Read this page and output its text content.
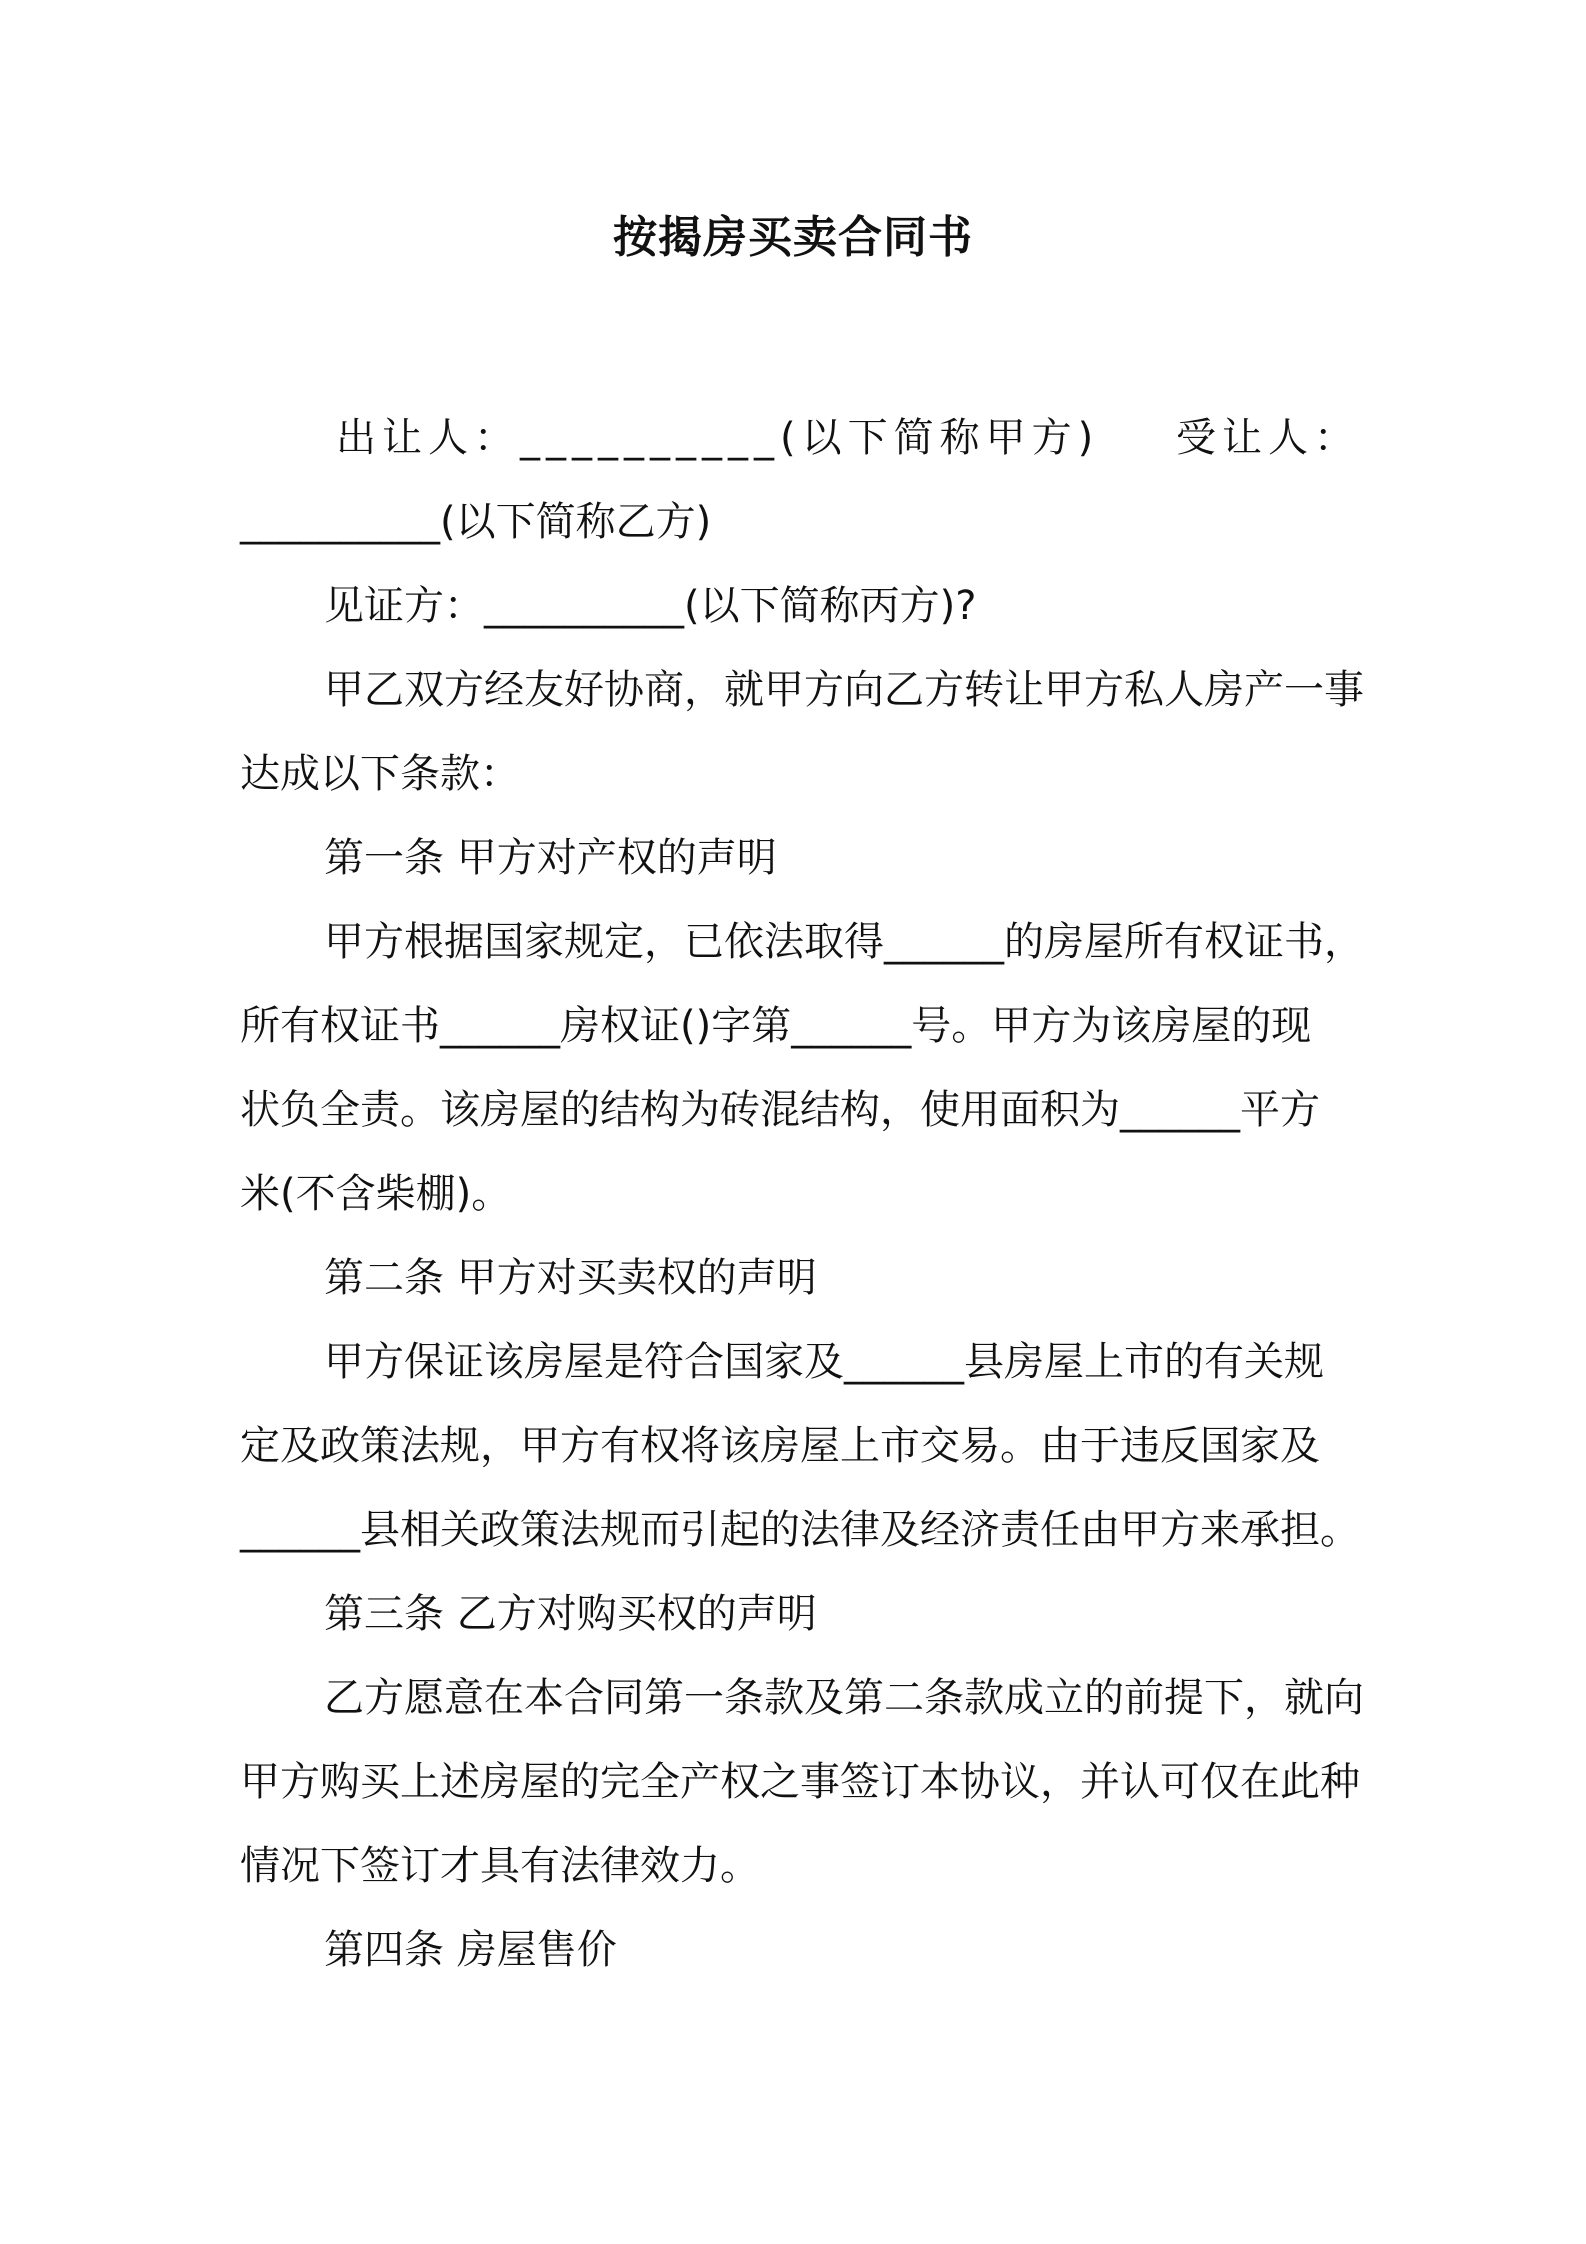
按揭房买卖合同书
出让人：__________(以下简称甲方) 受让人：
__________(以下简称乙方)
见证方：__________(以下简称丙方)?
甲乙双方经友好协商，就甲方向乙方转让甲方私人房产一事
达成以下条款：
第一条 甲方对产权的声明
甲方根据国家规定，已依法取得______的房屋所有权证书，
所有权证书______房权证()字第______号。甲方为该房屋的现
状负全责。该房屋的结构为砖混结构，使用面积为______平方
米(不含柴棚)。
第二条 甲方对买卖权的声明
甲方保证该房屋是符合国家及______县房屋上市的有关规
定及政策法规，甲方有权将该房屋上市交易。由于违反国家及
______县相关政策法规而引起的法律及经济责任由甲方来承担。
第三条 乙方对购买权的声明
乙方愿意在本合同第一条款及第二条款成立的前提下，就向
甲方购买上述房屋的完全产权之事签订本协议，并认可仅在此种
情况下签订才具有法律效力。
第四条 房屋售价
